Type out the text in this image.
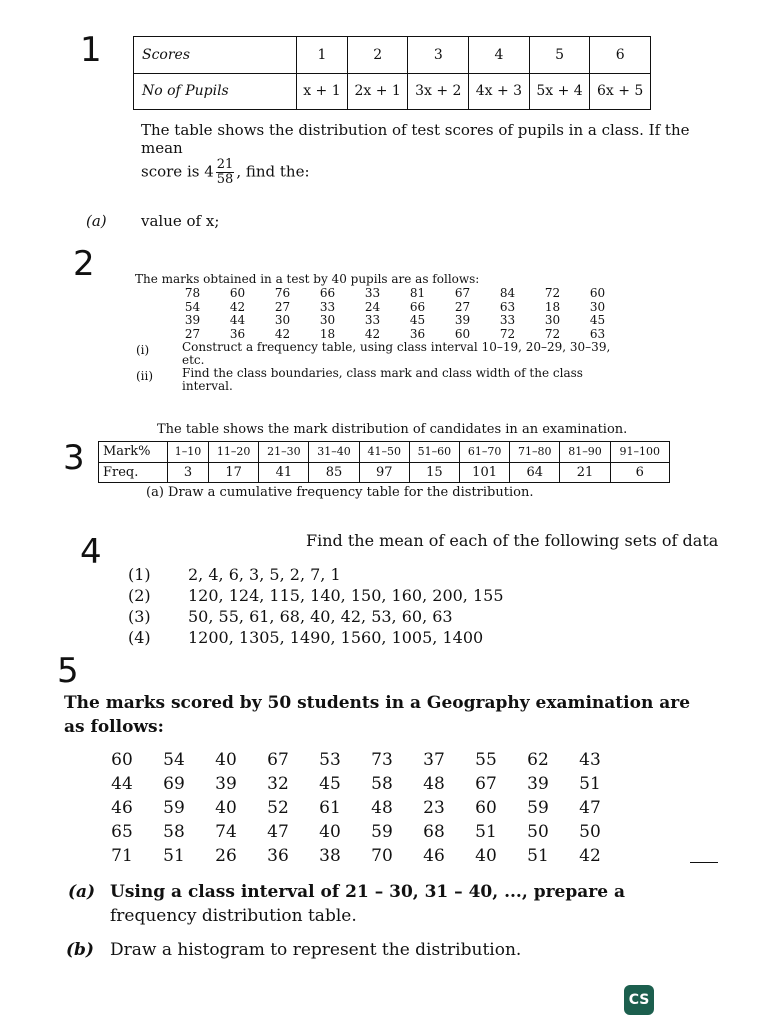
1	Scores	1	2	3	4	5	6
No of Pupils	x + 1	2x + 1	3x + 2	4x + 3	5x + 4	6x + 5
The table shows the distribution of test scores of pupils in a class. If the mean
score is $4 \frac{21}{58}$ , find the:
(a) value of x;
2	The marks obtained in a test by 40 pupils are as follows:
78	60	76	66	33	81	67	84	72	60
54	42	27	33	24	66	27	63	18	30
39	44	30	30	33	45	39	33	30	45
27	36	42	18	42	36	60	72	72	63
(i)	Construct a frequency table, using class interval 10–19, 20–29, 30–39,
etc.
(ii) Find the class boundaries, class mark and class width of the class
interval.
The table shows the mark distribution of candidates in an examination.
3 Mark%	1–10	11–20	21–30	31–40	41–50	51–60	61–70	71–80	81–90	91–100
Freq.	3	17	41	85	97	15	101	64	21	6
(a) Draw a cumulative frequency table for the distribution.
Find the mean of each of the following sets of data
4
(1)	2, 4, 6, 3, 5, 2, 7, 1
(2)	120, 124, 115, 140, 150, 160, 200, 155
(3)	50, 55, 61, 68, 40, 42, 53, 60, 63
(4)	1200, 1305, 1490, 1560, 1005, 1400
5
The marks scored by 50 students in a Geography examination are
as follows:
60	54	40	67	53	73	37	55	62	43
44	69	39	32	45	58	48	67	39	51
46	59	40	52	61	48	23	60	59	47
65	58	74	47	40	59	68	51	50	50
71	51	26	36	38	70	46	40	51	42
(a) Using a class interval of 21 – 30, 31 – 40, ..., prepare a
frequency distribution table.
(b) Draw a histogram to represent the distribution.
CS
